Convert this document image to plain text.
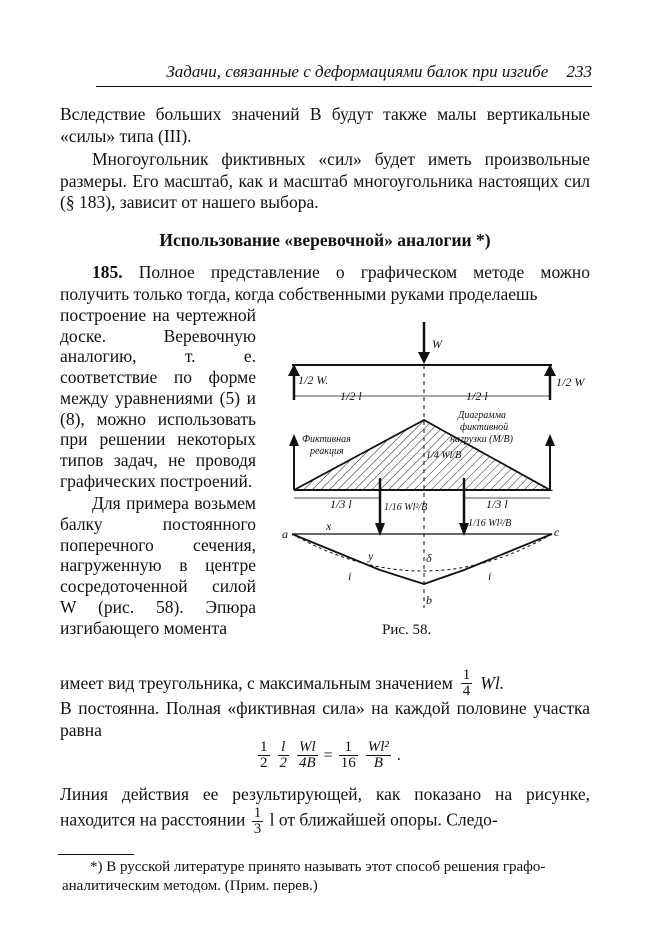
Задачи, связанные с деформациями балок при изгибе 233
Вследствие больших значений B будут также малы вертикальные «силы» типа (III).
Многоугольник фиктивных «сил» будет иметь произвольные размеры. Его масштаб, как и масштаб многоугольника настоящих сил (§ 183), зависит от нашего выбора.
Использование «веревочной» аналогии *)
185. Полное представление о графическом методе можно получить только тогда, когда собственными руками проделаешь
построение на чертежной доске. Веревочную аналогию, т. е. соответствие по форме между уравнениями (5) и (8), можно использовать при решении некоторых типов задач, не проводя графических построений.
Для примера возьмем балку постоянного поперечного сечения, нагруженную в центре сосредоточенной силой W (рис. 58). Эпюра изгибающего момента
W
1/2 W.	1/2 W
1/2 l	1/2 l
Диаграмма
фиктивной
нагрузки (M/B)
Фиктивная
реакция	1/4 Wl/B
1/3 l	1/3 l
1/16 Wl²/B
1/16 Wl²/B
a	c
x
y	δ
i	i
b
Рис. 58.
имеет вид треугольника, с максимальным значением $\frac{1}{4} Wl$.
B постоянна. Полная «фиктивная сила» на каждой половине участка равна
$\frac{1}{2} \frac{l}{2} \frac{Wl}{4B} = \frac{1}{16} \frac{\text{Wl²}}{B}$ .
Линия действия ее результирующей, как показано на рисунке, находится на расстоянии $\frac{1}{3}$ l от ближайшей опоры. Следо-
*) В русской литературе принято называть этот способ решения графо-аналитическим методом. (Прим. перев.)
